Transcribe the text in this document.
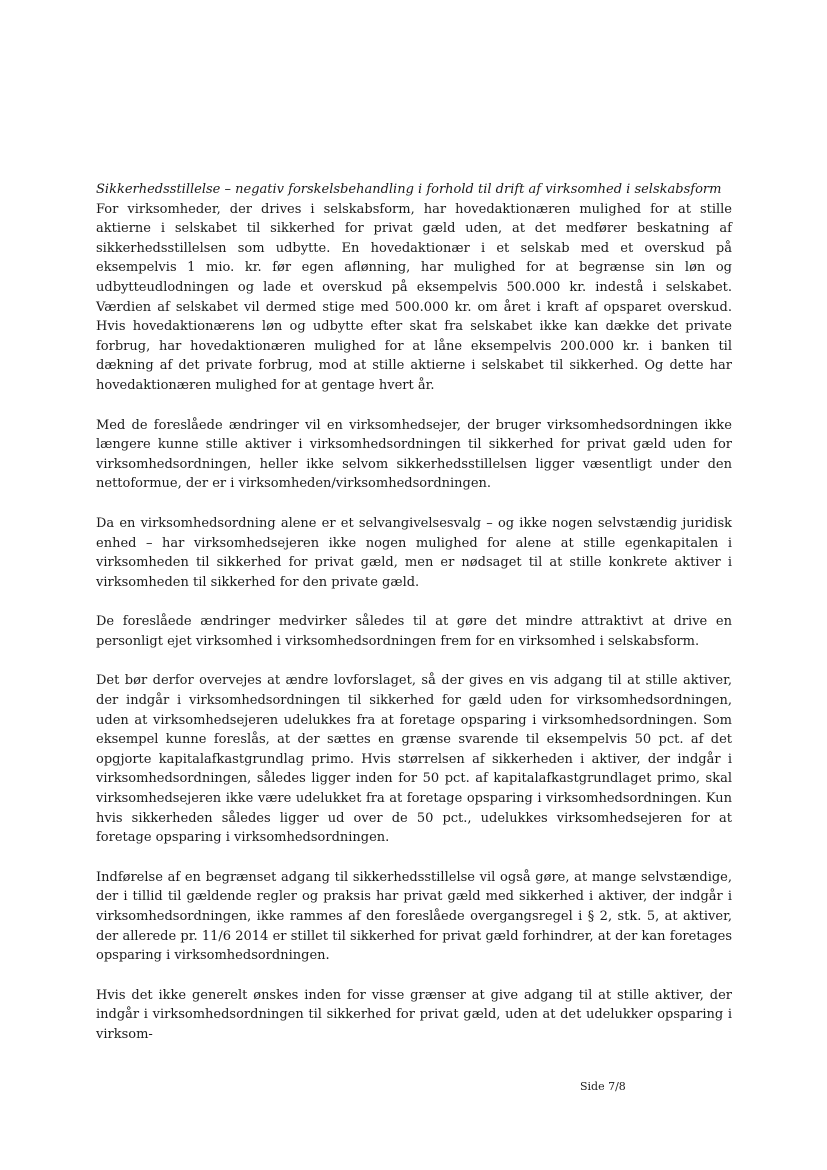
Sikkerhedsstillelse – negativ forskelsbehandling i forhold til drift af virksomhed i selskabsform

For virksomheder, der drives i selskabsform, har hovedaktionæren mulighed for at stille aktierne i selskabet til sikkerhed for privat gæld uden, at det medfører beskatning af sikkerhedsstillelsen som udbytte. En hovedaktionær i et selskab med et overskud på eksempelvis 1 mio. kr. før egen aflønning, har mulighed for at begrænse sin løn og udbytteudlodningen og lade et overskud på eksempelvis 500.000 kr. indestå i selskabet. Værdien af selskabet vil dermed stige med 500.000 kr. om året i kraft af opsparet overskud. Hvis hovedaktionærens løn og udbytte efter skat fra selskabet ikke kan dække det private forbrug, har hovedaktionæren mulighed for at låne eksempelvis 200.000 kr. i banken til dækning af det private forbrug, mod at stille aktierne i selskabet til sikkerhed. Og dette har hovedaktionæren mulighed for at gentage hvert år.

Med de foreslåede ændringer vil en virksomhedsejer, der bruger virksomhedsordningen ikke længere kunne stille aktiver i virksomhedsordningen til sikkerhed for privat gæld uden for virksomhedsordningen, heller ikke selvom sikkerhedsstillelsen ligger væsentligt under den nettoformue, der er i virksomheden/virksomhedsordningen.

Da en virksomhedsordning alene er et selvangivelsesvalg – og ikke nogen selvstændig juridisk enhed – har virksomhedsejeren ikke nogen mulighed for alene at stille egenkapitalen i virksomheden til sikkerhed for privat gæld, men er nødsaget til at stille konkrete aktiver i virksomheden til sikkerhed for den private gæld.

De foreslåede ændringer medvirker således til at gøre det mindre attraktivt at drive en personligt ejet virksomhed i virksomhedsordningen frem for en virksomhed i selskabsform.

Det bør derfor overvejes at ændre lovforslaget, så der gives en vis adgang til at stille aktiver, der indgår i virksomhedsordningen til sikkerhed for gæld uden for virksomhedsordningen, uden at virksomhedsejeren udelukkes fra at foretage opsparing i virksomhedsordningen. Som eksempel kunne foreslås, at der sættes en grænse svarende til eksempelvis 50 pct. af det opgjorte kapitalafkastgrundlag primo. Hvis størrelsen af sikkerheden i aktiver, der indgår i virksomhedsordningen, således ligger inden for 50 pct. af kapitalafkastgrundlaget primo, skal virksomhedsejeren ikke være udelukket fra at foretage opsparing i virksomhedsordningen. Kun hvis sikkerheden således ligger ud over de 50 pct., udelukkes virksomhedsejeren for at foretage opsparing i virksomhedsordningen.

Indførelse af en begrænset adgang til sikkerhedsstillelse vil også gøre, at mange selvstændige, der i tillid til gældende regler og praksis har privat gæld med sikkerhed i aktiver, der indgår i virksomhedsordningen, ikke rammes af den foreslåede overgangsregel i § 2, stk. 5, at aktiver, der allerede pr. 11/6 2014 er stillet til sikkerhed for privat gæld forhindrer, at der kan foretages opsparing i virksomhedsordningen.

Hvis det ikke generelt ønskes inden for visse grænser at give adgang til at stille aktiver, der indgår i virksomhedsordningen til sikkerhed for privat gæld, uden at det udelukker opsparing i virksom-

Side 7/8
